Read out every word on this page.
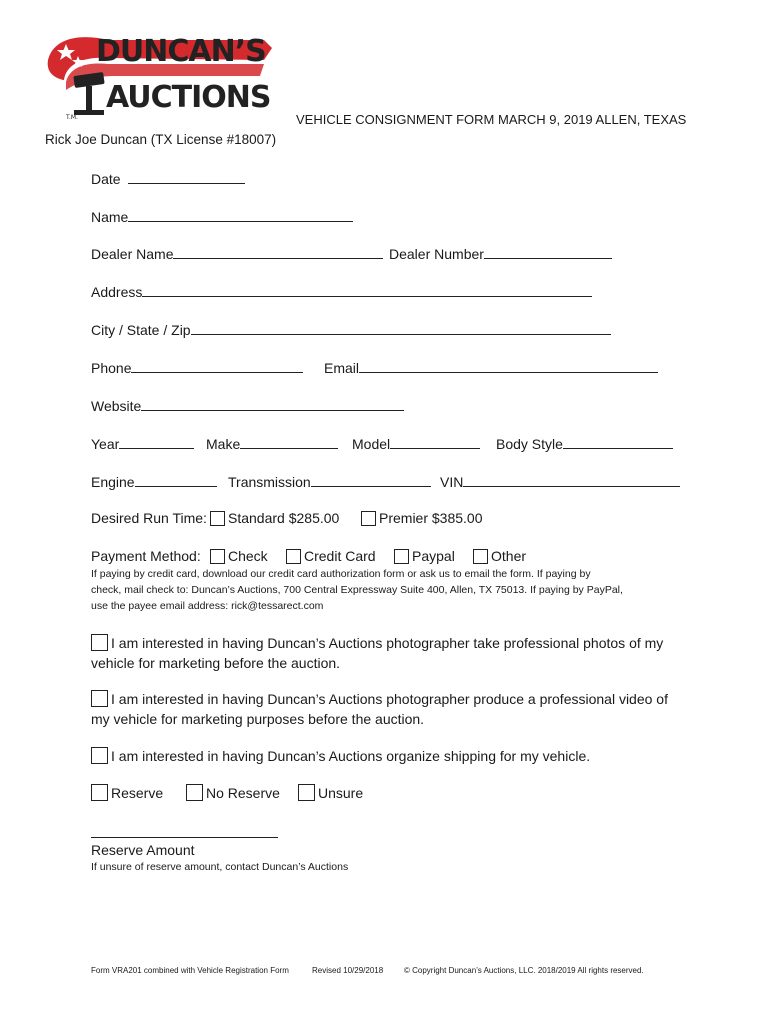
DUNCAN’S
AUCTIONS
T.M.	VEHICLE CONSIGNMENT FORM MARCH 9, 2019 ALLEN, TEXAS
Rick Joe Duncan (TX License #18007)
Date
Name
Dealer Name	Dealer Number
Address
City / State / Zip
Phone	Email
Website
Year	Make	Model	Body Style
Engine	Transmission	VIN
Desired Run Time:	Standard $285.00	Premier $385.00
Payment Method:	Check	Credit Card	Paypal	Other
If paying by credit card, download our credit card authorization form or ask us to email the form. If paying by
check, mail check to: Duncan’s Auctions, 700 Central Expressway Suite 400, Allen, TX 75013. If paying by PayPal,
use the payee email address: rick@tessarect.com
I am interested in having Duncan’s Auctions photographer take professional photos of my
vehicle for marketing before the auction.
I am interested in having Duncan’s Auctions photographer produce a professional video of
my vehicle for marketing purposes before the auction.
I am interested in having Duncan’s Auctions organize shipping for my vehicle.
Reserve	No Reserve	Unsure
Reserve Amount
If unsure of reserve amount, contact Duncan’s Auctions
Form VRA201 combined with Vehicle Registration Form	Revised 10/29/2018	© Copyright Duncan’s Auctions, LLC. 2018/2019 All rights reserved.
